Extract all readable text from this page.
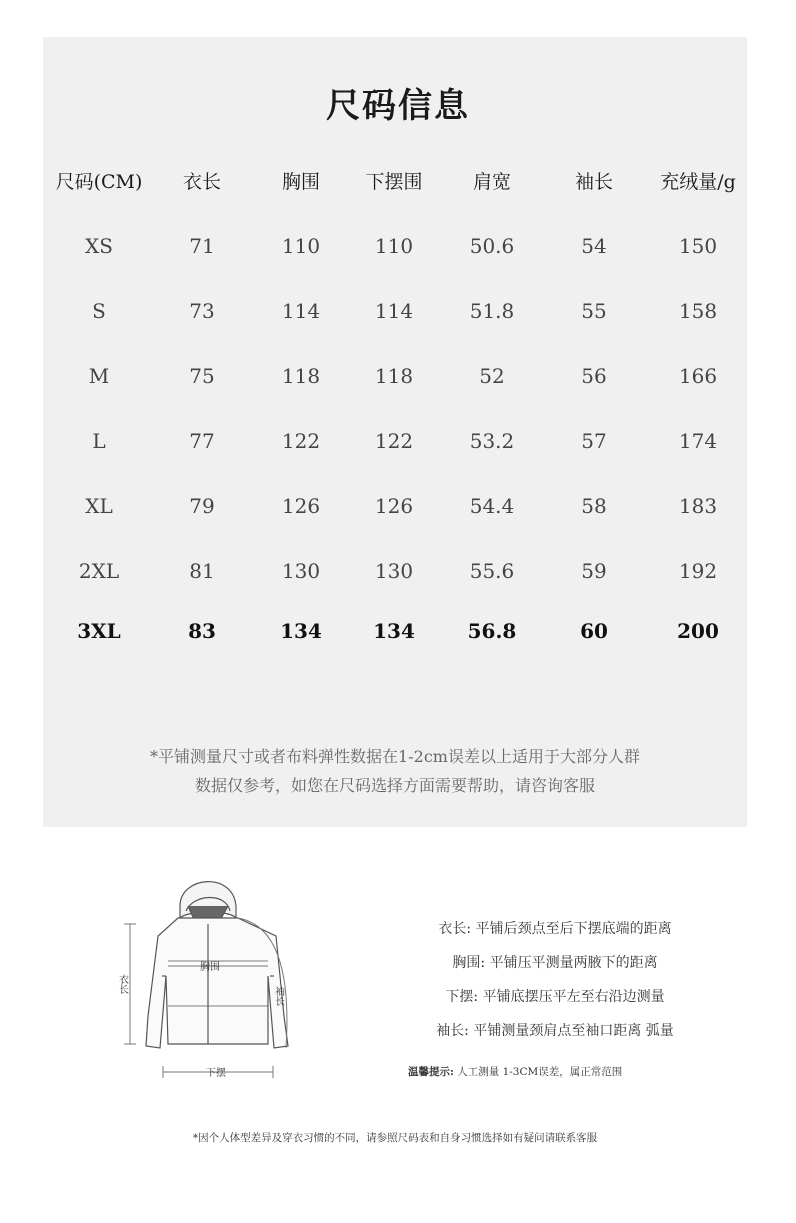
尺码信息
尺码(CM)	衣长	胸围	下摆围	肩宽	袖长	充绒量/g
XS	71	110	110	50.6	54	150
S	73	114	114	51.8	55	158
M	75	118	118	52	56	166
L	77	122	122	53.2	57	174
XL	79	126	126	54.4	58	183
2XL	81	130	130	55.6	59	192
3XL	83	134	134	56.8	60	200
*平铺测量尺寸或者布料弹性数据在1-2cm误差以上适用于大部分人群
数据仅参考，如您在尺码选择方面需要帮助，请咨询客服
胸围
衣长
袖长
下摆
衣长: 平铺后颈点至后下摆底端的距离
胸围: 平铺压平测量两腋下的距离
下摆: 平铺底摆压平左至右沿边测量
袖长: 平铺测量颈肩点至袖口距离 弧量
温馨提示: 人工测量 1-3CM误差，属正常范围
*因个人体型差异及穿衣习惯的不同，请参照尺码表和自身习惯选择如有疑问请联系客服
